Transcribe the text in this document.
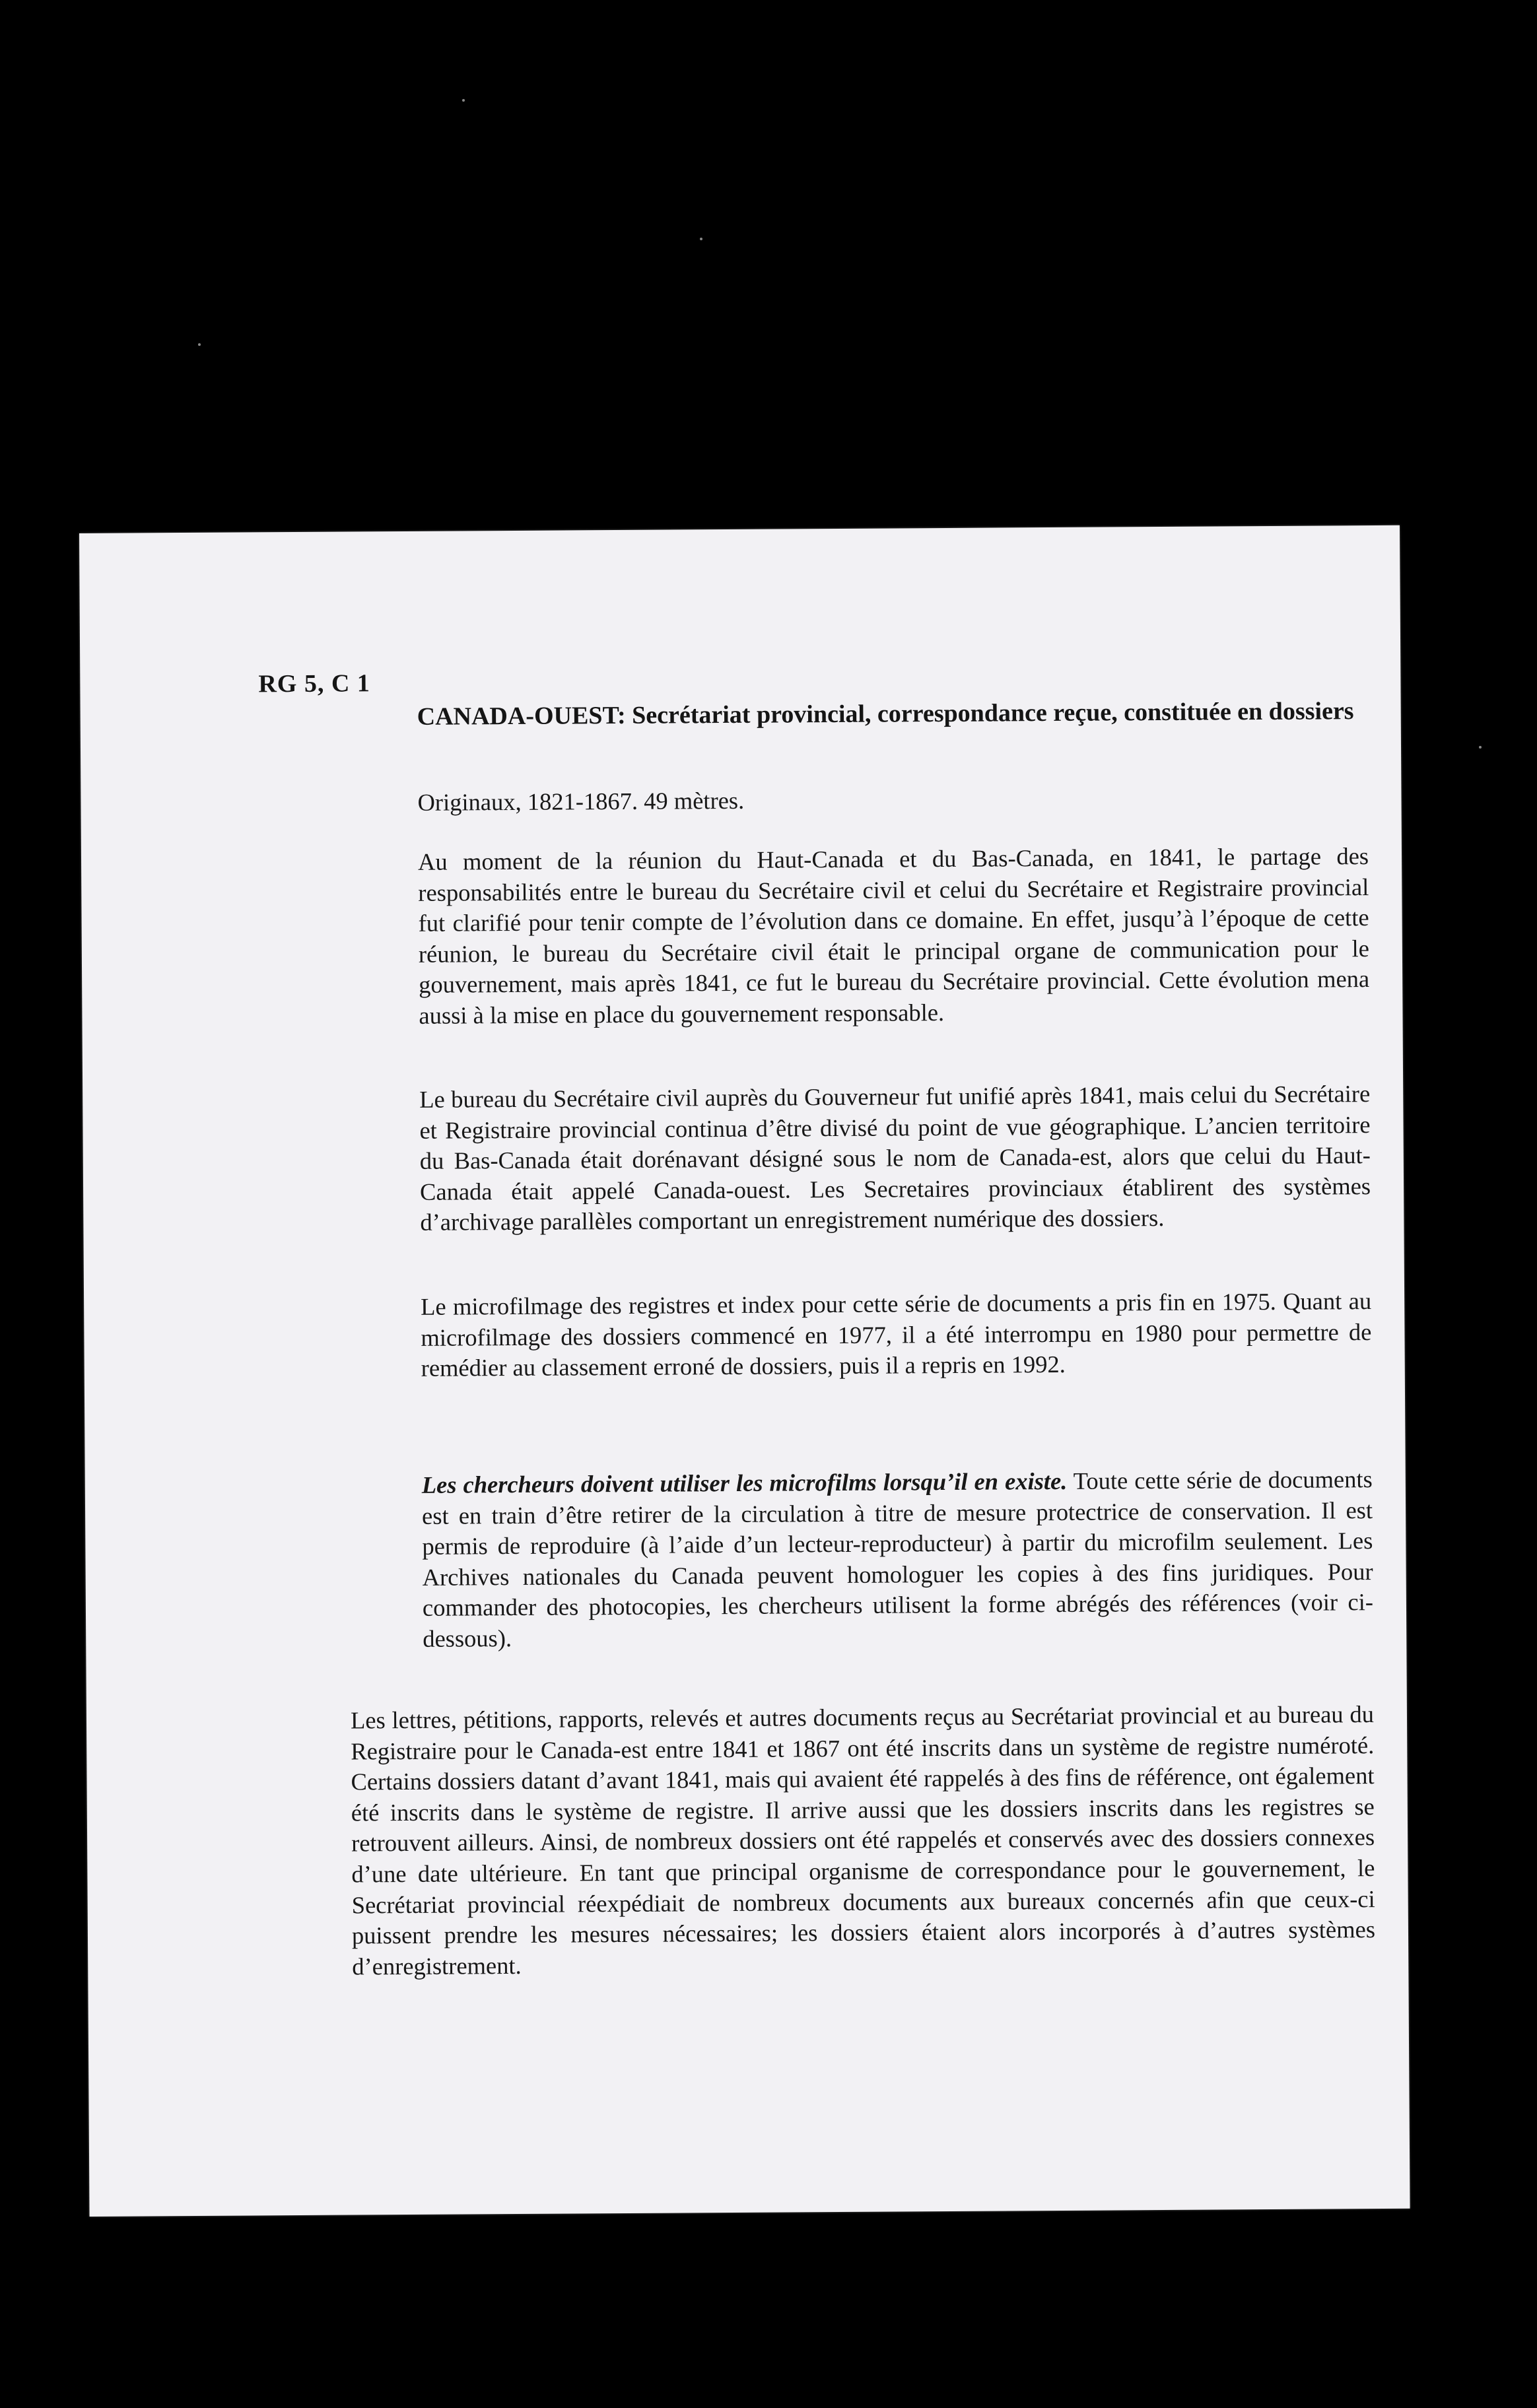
RG 5, C 1
CANADA-OUEST: Secrétariat provincial, correspondance reçue, constituée en dossiers
Originaux, 1821-1867. 49 mètres.
Au moment de la réunion du Haut-Canada et du Bas-Canada, en 1841, le partage des responsabilités entre le bureau du Secrétaire civil et celui du Secrétaire et Registraire provincial fut clarifié pour tenir compte de l’évolution dans ce domaine. En effet, jusqu’à l’époque de cette réunion, le bureau du Secrétaire civil était le principal organe de communication pour le gouvernement, mais après 1841, ce fut le bureau du Secrétaire provincial. Cette évolution mena aussi à la mise en place du gouvernement responsable.
Le bureau du Secrétaire civil auprès du Gouverneur fut unifié après 1841, mais celui du Secrétaire et Registraire provincial continua d’être divisé du point de vue géographique. L’ancien territoire du Bas-Canada était dorénavant désigné sous le nom de Canada-est, alors que celui du Haut-Canada était appelé Canada-ouest. Les Secretaires provinciaux établirent des systèmes d’archivage parallèles comportant un enregistrement numérique des dossiers.
Le microfilmage des registres et index pour cette série de documents a pris fin en 1975. Quant au microfilmage des dossiers commencé en 1977, il a été interrompu en 1980 pour permettre de remédier au classement erroné de dossiers, puis il a repris en 1992.
Les chercheurs doivent utiliser les microfilms lorsqu’il en existe. Toute cette série de documents est en train d’être retirer de la circulation à titre de mesure protectrice de conservation. Il est permis de reproduire (à l’aide d’un lecteur-reproducteur) à partir du microfilm seulement. Les Archives nationales du Canada peuvent homologuer les copies à des fins juridiques. Pour commander des photocopies, les chercheurs utilisent la forme abrégés des références (voir ci-dessous).
Les lettres, pétitions, rapports, relevés et autres documents reçus au Secrétariat provincial et au bureau du Registraire pour le Canada-est entre 1841 et 1867 ont été inscrits dans un système de registre numéroté. Certains dossiers datant d’avant 1841, mais qui avaient été rappelés à des fins de référence, ont également été inscrits dans le système de registre. Il arrive aussi que les dossiers inscrits dans les registres se retrouvent ailleurs. Ainsi, de nombreux dossiers ont été rappelés et conservés avec des dossiers connexes d’une date ultérieure. En tant que principal organisme de correspondance pour le gouvernement, le Secrétariat provincial réexpédiait de nombreux documents aux bureaux concernés afin que ceux-ci puissent prendre les mesures nécessaires; les dossiers étaient alors incorporés à d’autres systèmes d’enregistrement.
